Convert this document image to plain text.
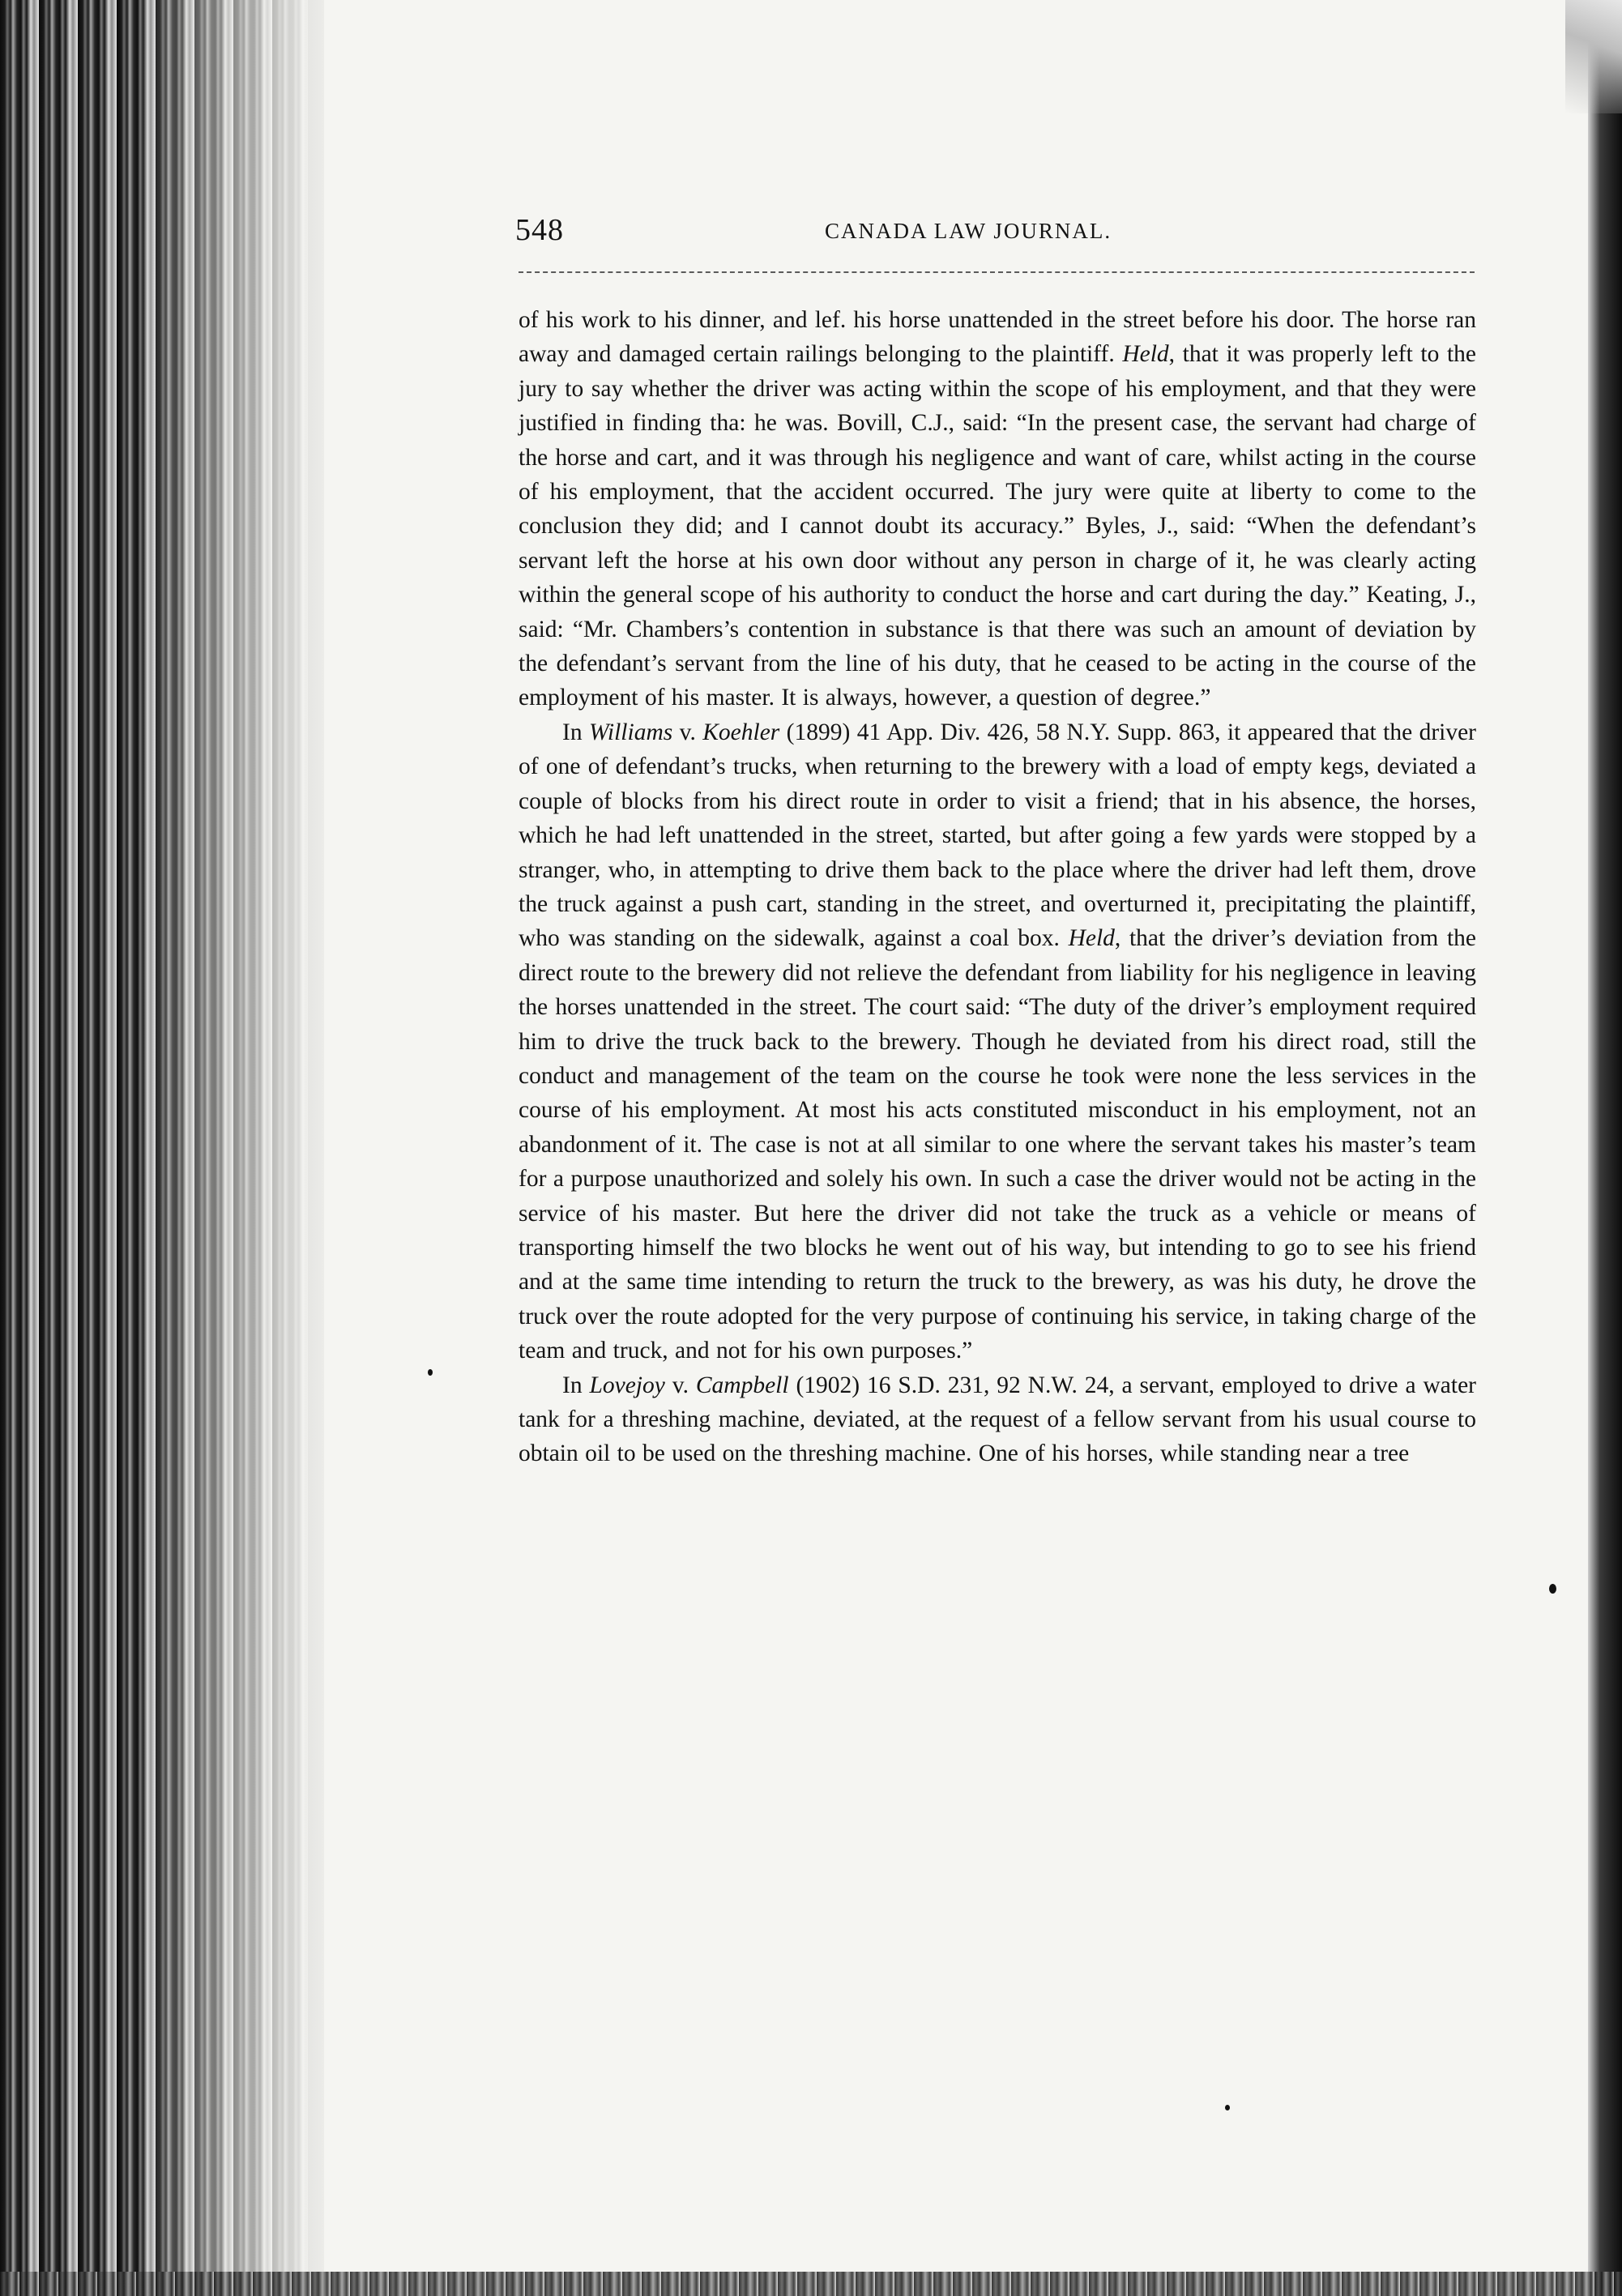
548	CANADA LAW JOURNAL.

of his work to his dinner, and lef. his horse unattended in the street before his door. The horse ran away and damaged certain railings belonging to the plaintiff. Held, that it was properly left to the jury to say whether the driver was acting within the scope of his employment, and that they were justified in finding tha: he was. Bovill, C.J., said: “In the present case, the servant had charge of the horse and cart, and it was through his negligence and want of care, whilst acting in the course of his employment, that the accident occurred. The jury were quite at liberty to come to the conclusion they did; and I cannot doubt its accuracy.” Byles, J., said: “When the defendant’s servant left the horse at his own door without any person in charge of it, he was clearly acting within the general scope of his authority to conduct the horse and cart during the day.” Keating, J., said: “Mr. Chambers’s contention in substance is that there was such an amount of deviation by the defendant’s servant from the line of his duty, that he ceased to be acting in the course of the employment of his master. It is always, however, a question of degree.”

In Williams v. Koehler (1899) 41 App. Div. 426, 58 N.Y. Supp. 863, it appeared that the driver of one of defendant’s trucks, when returning to the brewery with a load of empty kegs, deviated a couple of blocks from his direct route in order to visit a friend; that in his absence, the horses, which he had left unattended in the street, started, but after going a few yards were stopped by a stranger, who, in attempting to drive them back to the place where the driver had left them, drove the truck against a push cart, standing in the street, and overturned it, precipitating the plaintiff, who was standing on the sidewalk, against a coal box. Held, that the driver’s deviation from the direct route to the brewery did not relieve the defendant from liability for his negligence in leaving the horses unattended in the street. The court said: “The duty of the driver’s employment required him to drive the truck back to the brewery. Though he deviated from his direct road, still the conduct and management of the team on the course he took were none the less services in the course of his employment. At most his acts constituted misconduct in his employment, not an abandonment of it. The case is not at all similar to one where the servant takes his master’s team for a purpose unauthorized and solely his own. In such a case the driver would not be acting in the service of his master. But here the driver did not take the truck as a vehicle or means of transporting himself the two blocks he went out of his way, but intending to go to see his friend and at the same time intending to return the truck to the brewery, as was his duty, he drove the truck over the route adopted for the very purpose of continuing his service, in taking charge of the team and truck, and not for his own purposes.”

In Lovejoy v. Campbell (1902) 16 S.D. 231, 92 N.W. 24, a servant, employed to drive a water tank for a threshing machine, deviated, at the request of a fellow servant from his usual course to obtain oil to be used on the threshing machine. One of his horses, while standing near a tree
